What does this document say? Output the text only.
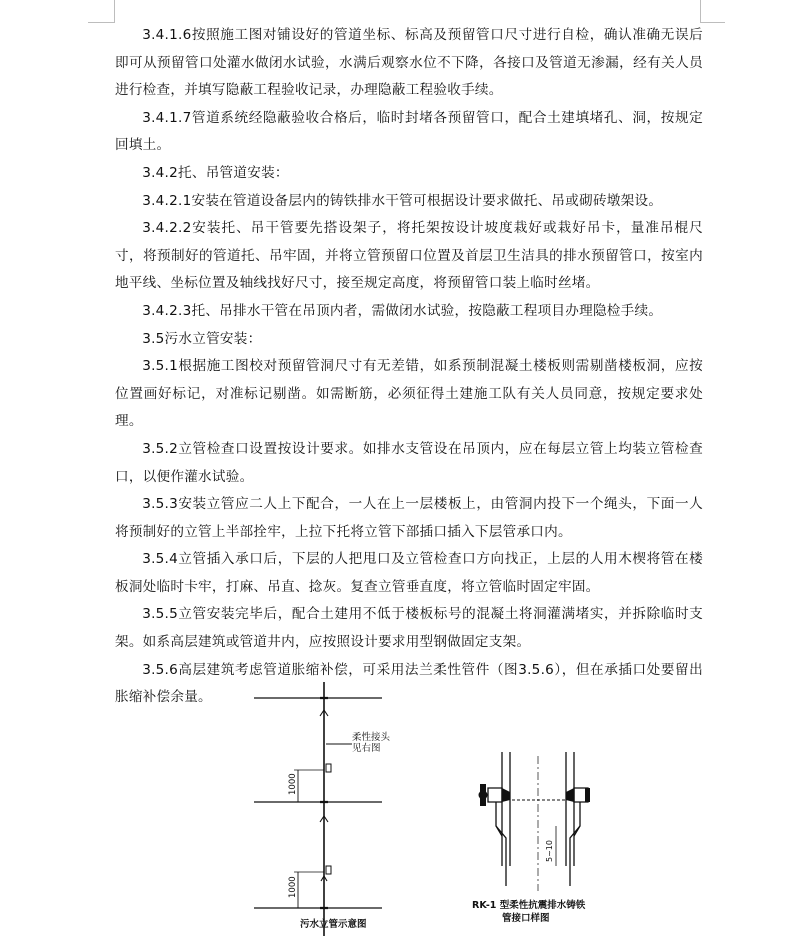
3.4.1.6按照施工图对铺设好的管道坐标、标高及预留管口尺寸进行自检，确认准确无误后即可从预留管口处灌水做闭水试验，水满后观察水位不下降，各接口及管道无渗漏，经有关人员进行检查，并填写隐蔽工程验收记录，办理隐蔽工程验收手续。

3.4.1.7管道系统经隐蔽验收合格后，临时封堵各预留管口，配合土建填堵孔、洞，按规定回填土。

3.4.2托、吊管道安装：

3.4.2.1安装在管道设备层内的铸铁排水干管可根据设计要求做托、吊或砌砖墩架设。

3.4.2.2安装托、吊干管要先搭设架子，将托架按设计坡度栽好或栽好吊卡，量准吊棍尺寸，将预制好的管道托、吊牢固，并将立管预留口位置及首层卫生洁具的排水预留管口，按室内地平线、坐标位置及轴线找好尺寸，接至规定高度，将预留管口装上临时丝堵。

3.4.2.3托、吊排水干管在吊顶内者，需做闭水试验，按隐蔽工程项目办理隐检手续。

3.5污水立管安装：

3.5.1根据施工图校对预留管洞尺寸有无差错，如系预制混凝土楼板则需剔凿楼板洞，应按位置画好标记，对准标记剔凿。如需断筋，必须征得土建施工队有关人员同意，按规定要求处理。

3.5.2立管检查口设置按设计要求。如排水支管设在吊顶内，应在每层立管上均装立管检查口，以便作灌水试验。

3.5.3安装立管应二人上下配合，一人在上一层楼板上，由管洞内投下一个绳头，下面一人将预制好的立管上半部拴牢，上拉下托将立管下部插口插入下层管承口内。

3.5.4立管插入承口后，下层的人把甩口及立管检查口方向找正，上层的人用木楔将管在楼板洞处临时卡牢，打麻、吊直、捻灰。复查立管垂直度，将立管临时固定牢固。

3.5.5立管安装完毕后，配合土建用不低于楼板标号的混凝土将洞灌满堵实，并拆除临时支架。如系高层建筑或管道井内，应按照设计要求用型钢做固定支架。

3.5.6高层建筑考虑管道胀缩补偿，可采用法兰柔性管件（图3.5.6），但在承插口处要留出胀缩补偿余量。

柔性接头
见右图
1000
1000
污水立管示意图
5~10
RK-1 型柔性抗震排水铸铁
管接口样图
